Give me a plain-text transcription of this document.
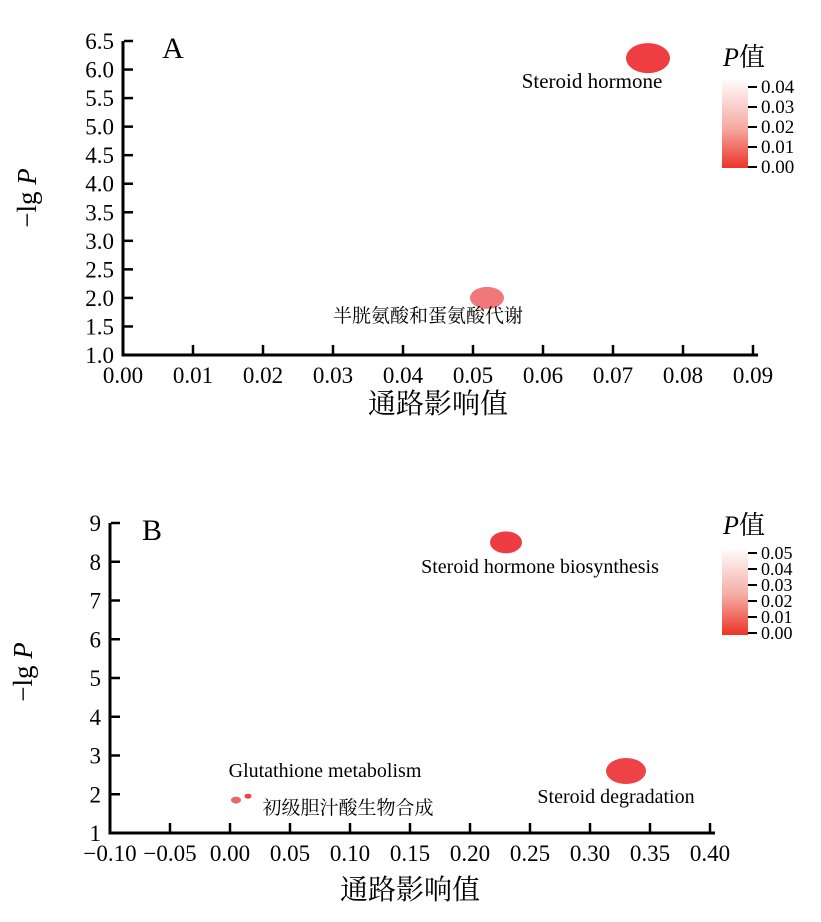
0.00 0.01 0.02 0.03 0.04 0.05 0.06 0.07 0.08 0.09
1.0
1.5
2.0
2.5
3.0
3.5
4.0
4.5
5.0
5.5
6.0
6.5
通路影响值
−lg P
A	P值
0.04
0.03
0.02
0.01
0.00
Steroid hormone
半胱氨酸和蛋氨酸代谢
−0.10 −0.05 0.00 0.05 0.10 0.15 0.20 0.25 0.30 0.35 0.40
1
2
3
4
5
6
7
8
9
通路影响值
−lg P
B	P值
0.05
0.04
0.03
0.02
0.01
0.00
Steroid hormone biosynthesis
Glutathione metabolism
初级胆汁酸生物合成
Steroid degradation
